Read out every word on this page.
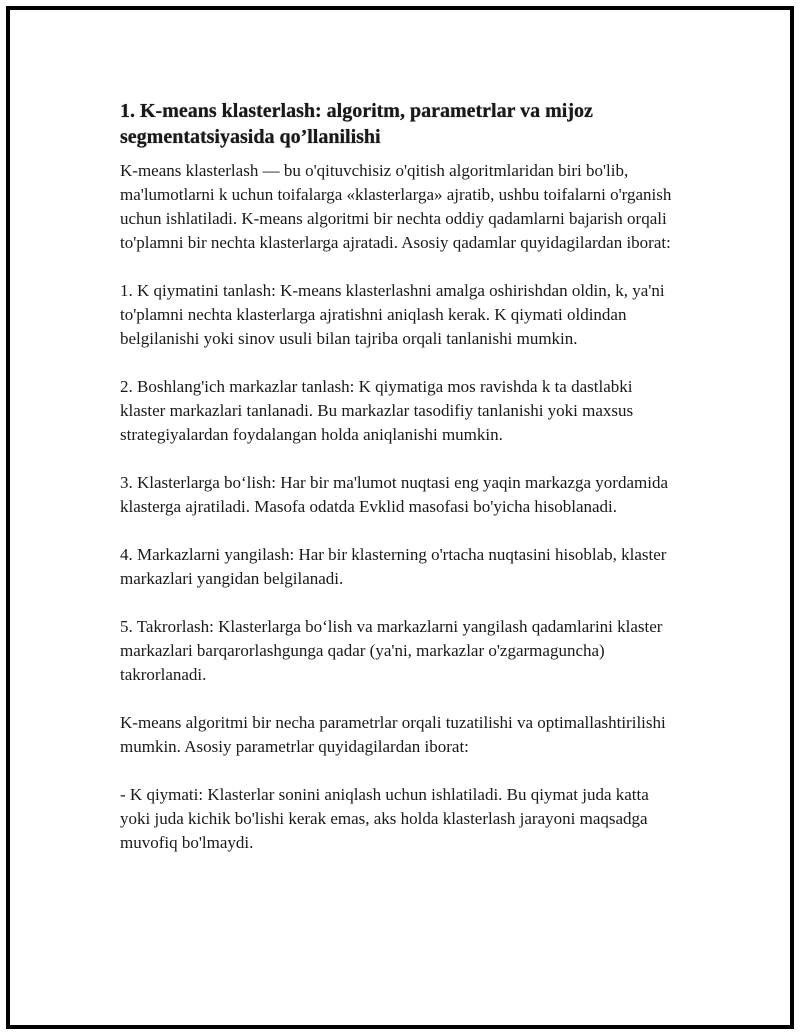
1. K-means klasterlash: algoritm, parametrlar va mijoz segmentatsiyasida qo’llanilishi

K-means klasterlash — bu o'qituvchisiz o'qitish algoritmlaridan biri bo'lib, ma'lumotlarni k uchun toifalarga «klasterlarga» ajratib, ushbu toifalarni o'rganish uchun ishlatiladi. K-means algoritmi bir nechta oddiy qadamlarni bajarish orqali to'plamni bir nechta klasterlarga ajratadi. Asosiy qadamlar quyidagilardan iborat:

1. K qiymatini tanlash: K-means klasterlashni amalga oshirishdan oldin, k, ya'ni to'plamni nechta klasterlarga ajratishni aniqlash kerak. K qiymati oldindan belgilanishi yoki sinov usuli bilan tajriba orqali tanlanishi mumkin.

2. Boshlang'ich markazlar tanlash: K qiymatiga mos ravishda k ta dastlabki klaster markazlari tanlanadi. Bu markazlar tasodifiy tanlanishi yoki maxsus strategiyalardan foydalangan holda aniqlanishi mumkin.

3. Klasterlarga bo‘lish: Har bir ma'lumot nuqtasi eng yaqin markazga yordamida klasterga ajratiladi. Masofa odatda Evklid masofasi bo'yicha hisoblanadi.

4. Markazlarni yangilash: Har bir klasterning o'rtacha nuqtasini hisoblab, klaster markazlari yangidan belgilanadi.

5. Takrorlash: Klasterlarga bo‘lish va markazlarni yangilash qadamlarini klaster markazlari barqarorlashgunga qadar (ya'ni, markazlar o'zgarmaguncha) takrorlanadi.

K-means algoritmi bir necha parametrlar orqali tuzatilishi va optimallashtirilishi mumkin. Asosiy parametrlar quyidagilardan iborat:

- K qiymati: Klasterlar sonini aniqlash uchun ishlatiladi. Bu qiymat juda katta yoki juda kichik bo'lishi kerak emas, aks holda klasterlash jarayoni maqsadga muvofiq bo'lmaydi.
